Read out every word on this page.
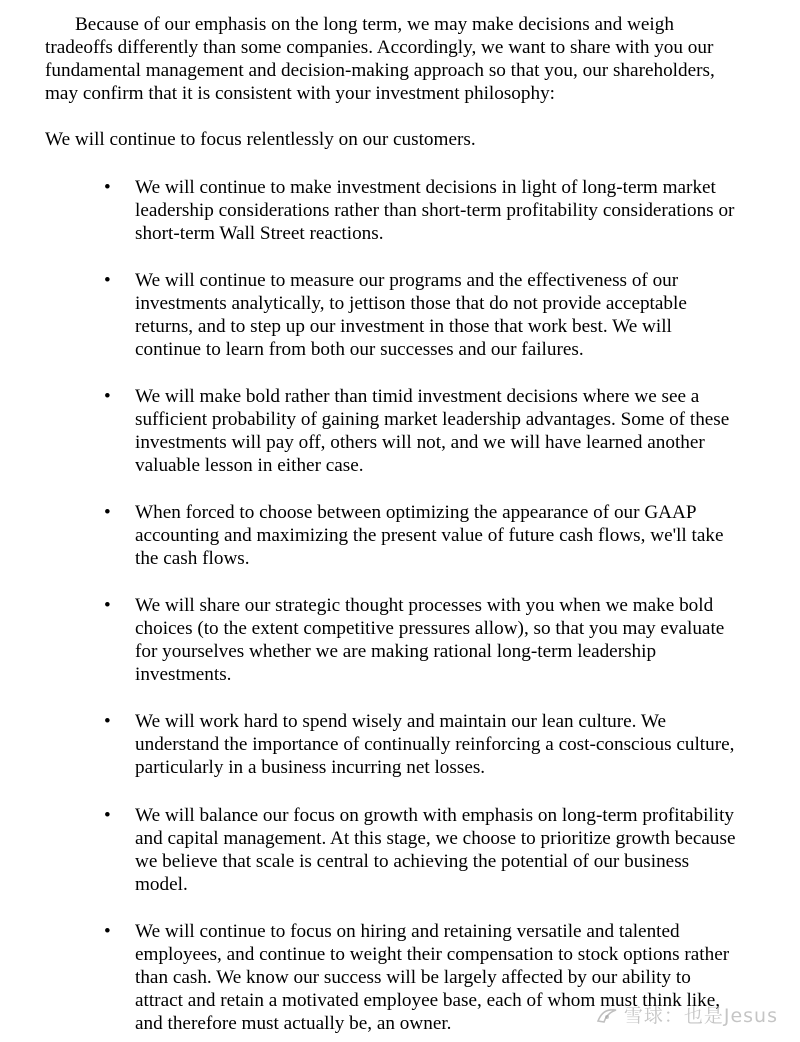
Because of our emphasis on the long term, we may make decisions and weigh
tradeoffs differently than some companies. Accordingly, we want to share with you our
fundamental management and decision-making approach so that you, our shareholders,
may confirm that it is consistent with your investment philosophy:

We will continue to focus relentlessly on our customers.

• We will continue to make investment decisions in light of long-term market
leadership considerations rather than short-term profitability considerations or
short-term Wall Street reactions.
• We will continue to measure our programs and the effectiveness of our
investments analytically, to jettison those that do not provide acceptable
returns, and to step up our investment in those that work best. We will
continue to learn from both our successes and our failures.
• We will make bold rather than timid investment decisions where we see a
sufficient probability of gaining market leadership advantages. Some of these
investments will pay off, others will not, and we will have learned another
valuable lesson in either case.
• When forced to choose between optimizing the appearance of our GAAP
accounting and maximizing the present value of future cash flows, we'll take
the cash flows.
• We will share our strategic thought processes with you when we make bold
choices (to the extent competitive pressures allow), so that you may evaluate
for yourselves whether we are making rational long-term leadership
investments.
• We will work hard to spend wisely and maintain our lean culture. We
understand the importance of continually reinforcing a cost-conscious culture,
particularly in a business incurring net losses.
• We will balance our focus on growth with emphasis on long-term profitability
and capital management. At this stage, we choose to prioritize growth because
we believe that scale is central to achieving the potential of our business
model.
• We will continue to focus on hiring and retaining versatile and talented
employees, and continue to weight their compensation to stock options rather
than cash. We know our success will be largely affected by our ability to
attract and retain a motivated employee base, each of whom must think like,
and therefore must actually be, an owner.	雪球：也是Jesus
